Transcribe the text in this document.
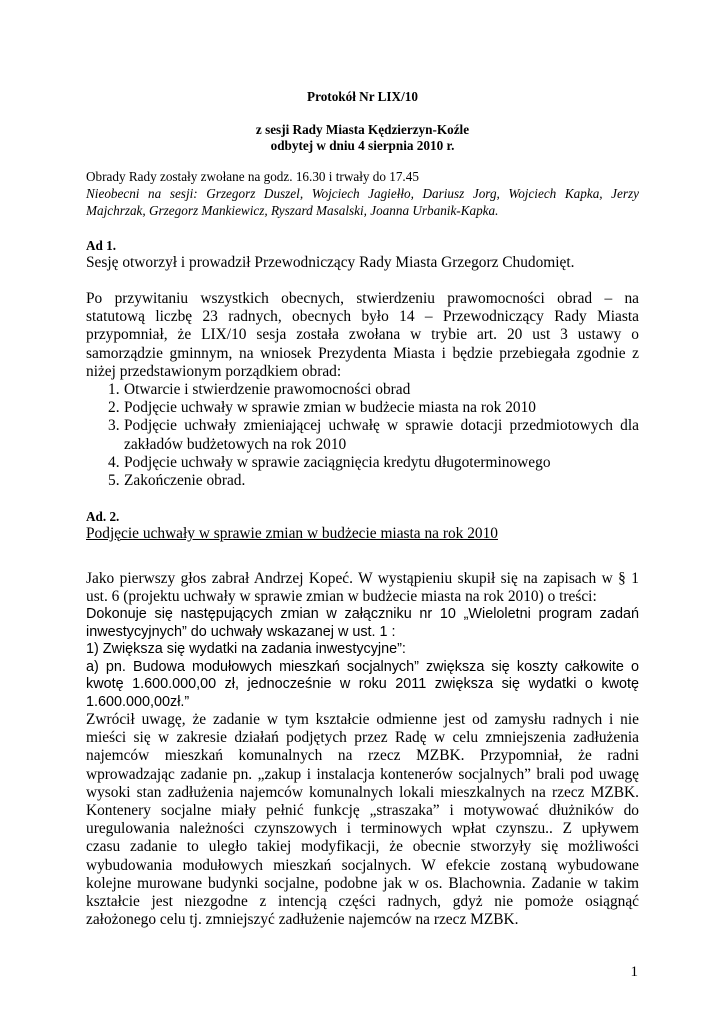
Protokół Nr LIX/10
z sesji Rady Miasta Kędzierzyn-Koźle
odbytej w dniu 4 sierpnia 2010 r.
Obrady Rady zostały zwołane na godz. 16.30 i trwały do 17.45
Nieobecni na sesji: Grzegorz Duszel, Wojciech Jagiełło, Dariusz Jorg, Wojciech Kapka, Jerzy
Majchrzak, Grzegorz Mankiewicz, Ryszard Masalski, Joanna Urbanik-Kapka.
Ad 1.
Sesję otworzył i prowadził Przewodniczący Rady Miasta Grzegorz Chudomięt.
Po przywitaniu wszystkich obecnych, stwierdzeniu prawomocności obrad – na
statutową liczbę 23 radnych, obecnych było 14 – Przewodniczący Rady Miasta
przypomniał, że LIX/10 sesja została zwołana w trybie art. 20 ust 3 ustawy o
samorządzie gminnym, na wniosek Prezydenta Miasta i będzie przebiegała zgodnie z
niżej przedstawionym porządkiem obrad:
1. Otwarcie i stwierdzenie prawomocności obrad
2. Podjęcie uchwały w sprawie zmian w budżecie miasta na rok 2010
3. Podjęcie uchwały zmieniającej uchwałę w sprawie dotacji przedmiotowych dla
zakładów budżetowych na rok 2010
4. Podjęcie uchwały w sprawie zaciągnięcia kredytu długoterminowego
5. Zakończenie obrad.
Ad. 2.
Podjęcie uchwały w sprawie zmian w budżecie miasta na rok 2010
Jako pierwszy głos zabrał Andrzej Kopeć. W wystąpieniu skupił się na zapisach w § 1
ust. 6 (projektu uchwały w sprawie zmian w budżecie miasta na rok 2010) o treści:
Dokonuje się następujących zmian w załączniku nr 10 „Wieloletni program zadań
inwestycyjnych” do uchwały wskazanej w ust. 1 :
1) Zwiększa się wydatki na zadania inwestycyjne”:
a) pn. Budowa modułowych mieszkań socjalnych” zwiększa się koszty całkowite o
kwotę 1.600.000,00 zł, jednocześnie w roku 2011 zwiększa się wydatki o kwotę
1.600.000,00zł.”
Zwrócił uwagę, że zadanie w tym kształcie odmienne jest od zamysłu radnych i nie
mieści się w zakresie działań podjętych przez Radę w celu zmniejszenia zadłużenia
najemców mieszkań komunalnych na rzecz MZBK. Przypomniał, że radni
wprowadzając zadanie pn. „zakup i instalacja kontenerów socjalnych” brali pod uwagę
wysoki stan zadłużenia najemców komunalnych lokali mieszkalnych na rzecz MZBK.
Kontenery socjalne miały pełnić funkcję „straszaka” i motywować dłużników do
uregulowania należności czynszowych i terminowych wpłat czynszu.. Z upływem
czasu zadanie to uległo takiej modyfikacji, że obecnie stworzyły się możliwości
wybudowania modułowych mieszkań socjalnych. W efekcie zostaną wybudowane
kolejne murowane budynki socjalne, podobne jak w os. Blachownia. Zadanie w takim
kształcie jest niezgodne z intencją części radnych, gdyż nie pomoże osiągnąć
założonego celu tj. zmniejszyć zadłużenie najemców na rzecz MZBK.
1
